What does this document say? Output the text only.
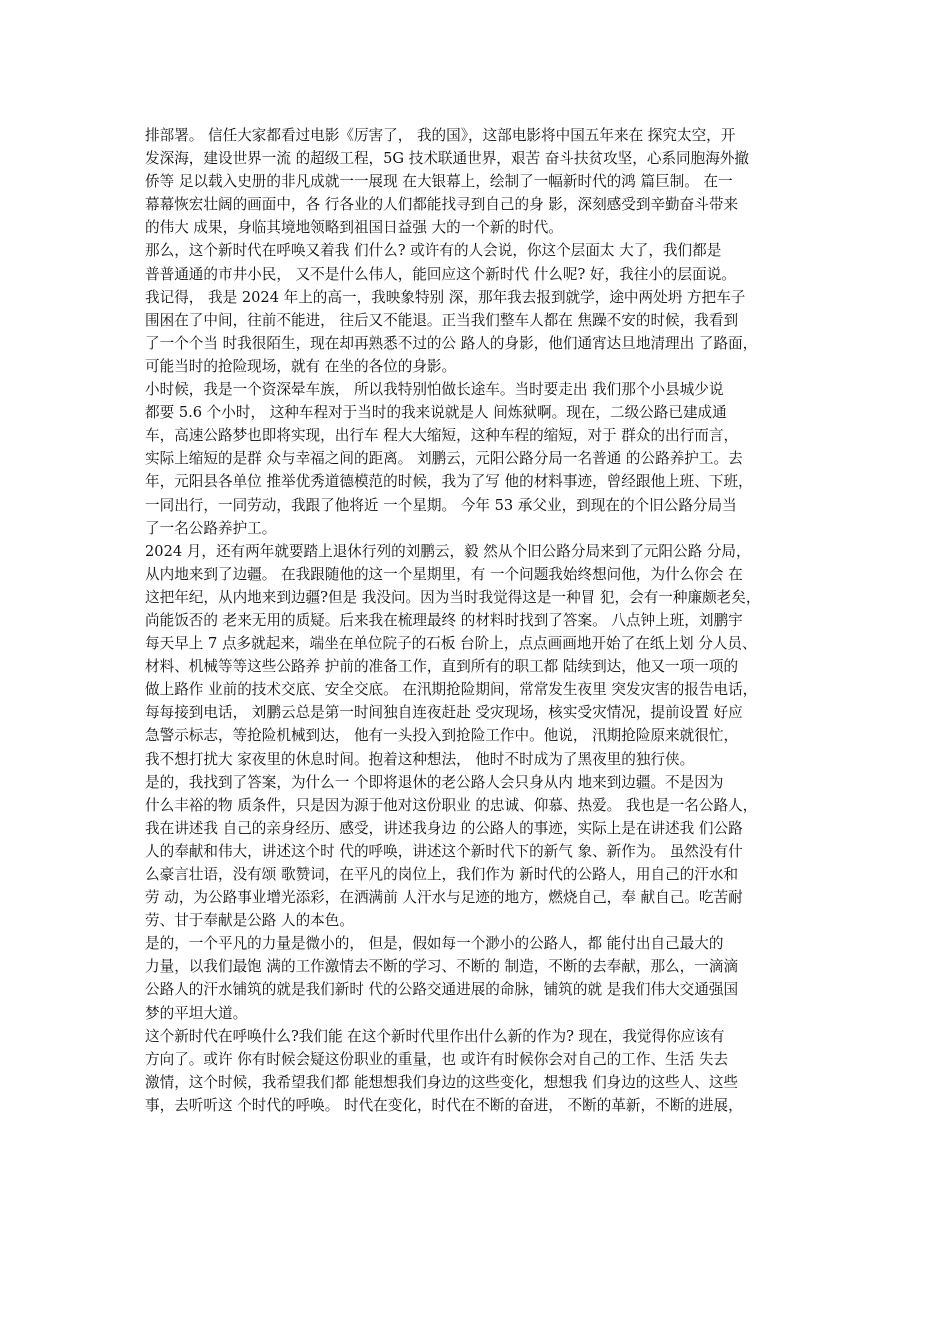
排部署。 信任大家都看过电影《厉害了， 我的国》，这部电影将中国五年来在 探究太空，开
发深海，建设世界一流 的超级工程，5G 技术联通世界，艰苦 奋斗扶贫攻坚，心系同胞海外撤
侨等 足以载入史册的非凡成就一一展现 在大银幕上，绘制了一幅新时代的鸿 篇巨制。 在一
幕幕恢宏壮阔的画面中，各 行各业的人们都能找寻到自己的身 影，深刻感受到辛勤奋斗带来
的伟大 成果，身临其境地领略到祖国日益强 大的一个新的时代。
那么，这个新时代在呼唤又着我 们什么? 或许有的人会说，你这个层面太 大了，我们都是
普普通通的市井小民， 又不是什么伟人，能回应这个新时代 什么呢? 好，我往小的层面说。
我记得， 我是 2024 年上的高一，我映象特别 深，那年我去报到就学，途中两处坍 方把车子
围困在了中间，往前不能进， 往后又不能退。正当我们整车人都在 焦躁不安的时候，我看到
了一个个当 时我很陌生，现在却再熟悉不过的公 路人的身影，他们通宵达旦地清理出 了路面，
可能当时的抢险现场，就有 在坐的各位的身影。
小时候，我是一个资深晕车族， 所以我特别怕做长途车。当时要走出 我们那个小县城少说
都要 5.6 个小时， 这种车程对于当时的我来说就是人 间炼狱啊。现在，二级公路已建成通
车，高速公路梦也即将实现，出行车 程大大缩短，这种车程的缩短，对于 群众的出行而言，
实际上缩短的是群 众与幸福之间的距离。 刘鹏云，元阳公路分局一名普通 的公路养护工。去
年，元阳县各单位 推举优秀道德模范的时候，我为了写 他的材料事迹，曾经跟他上班、下班，
一同出行，一同劳动，我跟了他将近 一个星期。 今年 53 承父业，到现在的个旧公路分局当
了一名公路养护工。
2024 月，还有两年就要踏上退休行列的刘鹏云，毅 然从个旧公路分局来到了元阳公路 分局，
从内地来到了边疆。 在我跟随他的这一个星期里，有 一个问题我始终想问他，为什么你会 在
这把年纪，从内地来到边疆?但是 我没问。因为当时我觉得这是一种冒 犯，会有一种廉颇老矣，
尚能饭否的 老来无用的质疑。后来我在梳理最终 的材料时找到了答案。 八点钟上班，刘鹏宇
每天早上 7 点多就起来，端坐在单位院子的石板 台阶上，点点画画地开始了在纸上划 分人员、
材料、机械等等这些公路养 护前的准备工作，直到所有的职工都 陆续到达，他又一项一项的
做上路作 业前的技术交底、安全交底。 在汛期抢险期间，常常发生夜里 突发灾害的报告电话，
每每接到电话， 刘鹏云总是第一时间独自连夜赶赴 受灾现场，核实受灾情况，提前设置 好应
急警示标志，等抢险机械到达， 他有一头投入到抢险工作中。他说， 汛期抢险原来就很忙，
我不想打扰大 家夜里的休息时间。抱着这种想法， 他时不时成为了黑夜里的独行侠。
是的，我找到了答案，为什么一 个即将退休的老公路人会只身从内 地来到边疆。不是因为
什么丰裕的物 质条件，只是因为源于他对这份职业 的忠诚、仰慕、热爱。 我也是一名公路人，
我在讲述我 自己的亲身经历、感受，讲述我身边 的公路人的事迹，实际上是在讲述我 们公路
人的奉献和伟大，讲述这个时 代的呼唤，讲述这个新时代下的新气 象、新作为。 虽然没有什
么豪言壮语，没有颂 歌赞词，在平凡的岗位上，我们作为 新时代的公路人，用自己的汗水和
劳 动，为公路事业增光添彩，在洒满前 人汗水与足迹的地方，燃烧自己，奉 献自己。吃苦耐
劳、甘于奉献是公路 人的本色。
是的，一个平凡的力量是微小的， 但是，假如每一个渺小的公路人，都 能付出自己最大的
力量，以我们最饱 满的工作激情去不断的学习、不断的 制造，不断的去奉献，那么，一滴滴
公路人的汗水铺筑的就是我们新时 代的公路交通进展的命脉，铺筑的就 是我们伟大交通强国
梦的平坦大道。
这个新时代在呼唤什么?我们能 在这个新时代里作出什么新的作为? 现在，我觉得你应该有
方向了。或许 你有时候会疑这份职业的重量，也 或许有时候你会对自己的工作、生活 失去
激情，这个时候，我希望我们都 能想想我们身边的这些变化，想想我 们身边的这些人、这些
事，去听听这 个时代的呼唤。 时代在变化，时代在不断的奋进， 不断的革新，不断的进展，
